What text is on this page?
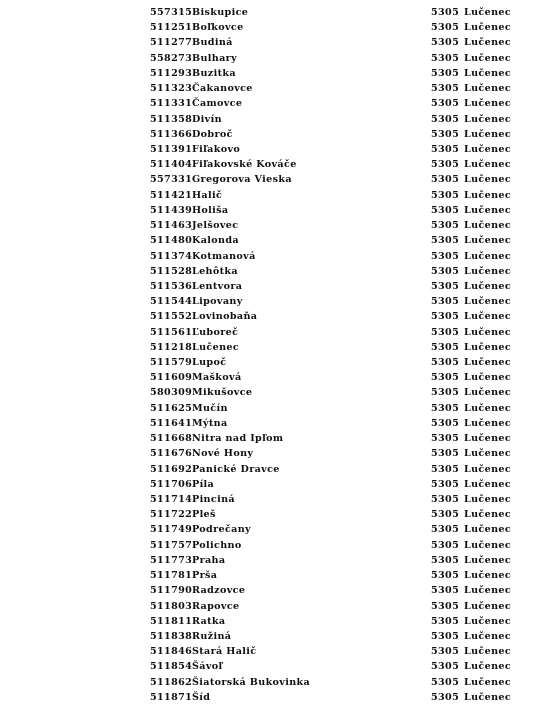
557315 Biskupice	5305 Lučenec
511251 Boľkovce	5305 Lučenec
511277 Budiná	5305 Lučenec
558273 Bulhary	5305 Lučenec
511293 Buzitka	5305 Lučenec
511323 Čakanovce	5305 Lučenec
511331 Čamovce	5305 Lučenec
511358 Divín	5305 Lučenec
511366 Dobroč	5305 Lučenec
511391 Fiľakovo	5305 Lučenec
511404 Fiľakovské Kováče	5305 Lučenec
557331 Gregorova Vieska	5305 Lučenec
511421 Halič	5305 Lučenec
511439 Holiša	5305 Lučenec
511463 Jelšovec	5305 Lučenec
511480 Kalonda	5305 Lučenec
511374 Kotmanová	5305 Lučenec
511528 Lehôtka	5305 Lučenec
511536 Lentvora	5305 Lučenec
511544 Lipovany	5305 Lučenec
511552 Lovinobaňa	5305 Lučenec
511561 Ľuboreč	5305 Lučenec
511218 Lučenec	5305 Lučenec
511579 Lupoč	5305 Lučenec
511609 Mašková	5305 Lučenec
580309 Mikušovce	5305 Lučenec
511625 Mučín	5305 Lučenec
511641 Mýtna	5305 Lučenec
511668 Nitra nad Ipľom	5305 Lučenec
511676 Nové Hony	5305 Lučenec
511692 Panické Dravce	5305 Lučenec
511706 Píla	5305 Lučenec
511714 Pinciná	5305 Lučenec
511722 Pleš	5305 Lučenec
511749 Podrečany	5305 Lučenec
511757 Polichno	5305 Lučenec
511773 Praha	5305 Lučenec
511781 Prša	5305 Lučenec
511790 Radzovce	5305 Lučenec
511803 Rapovce	5305 Lučenec
511811 Ratka	5305 Lučenec
511838 Ružiná	5305 Lučenec
511846 Stará Halič	5305 Lučenec
511854 Šávoľ	5305 Lučenec
511862 Šiatorská Bukovinka	5305 Lučenec
511871 Šíd	5305 Lučenec
